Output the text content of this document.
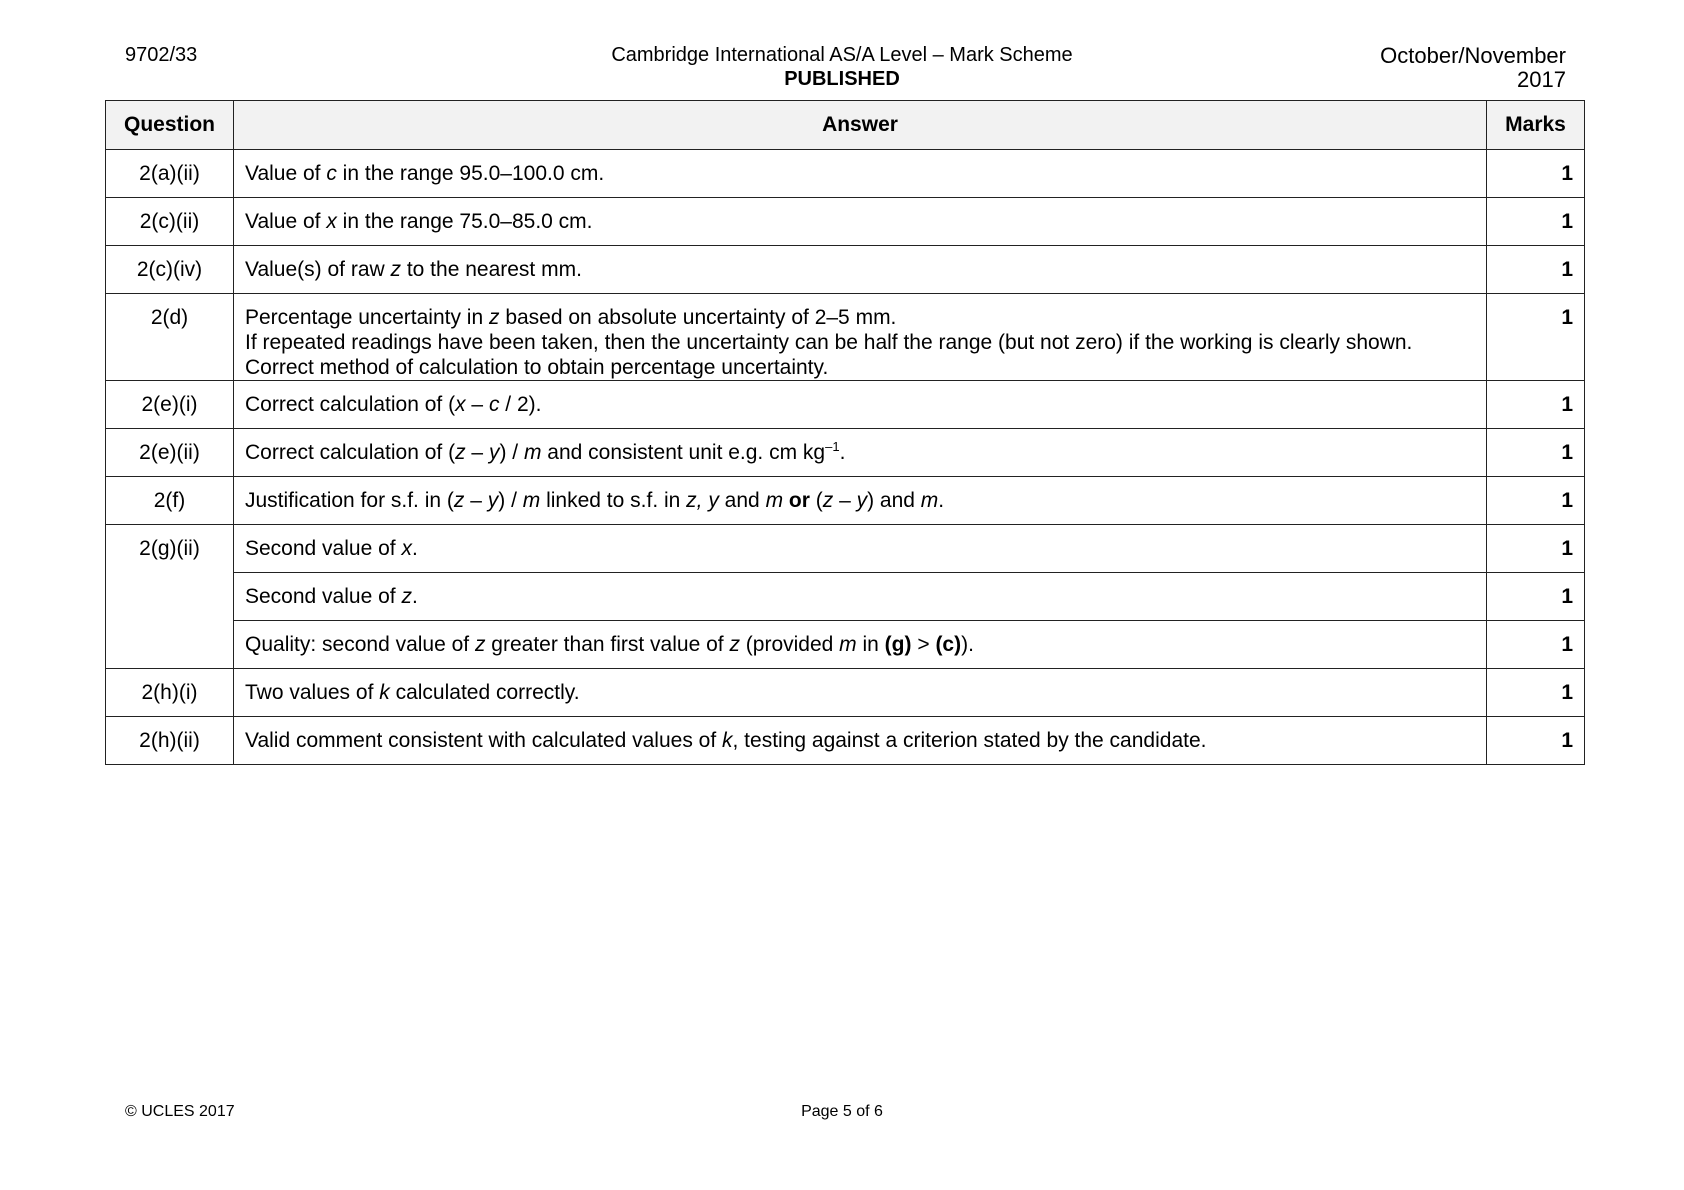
9702/33	Cambridge International AS/A Level – Mark Scheme
PUBLISHED
October/November
2017
Question	Answer	Marks
2(a)(ii)	Value of c in the range 95.0–100.0 cm.	1
2(c)(ii)	Value of x in the range 75.0–85.0 cm.	1
2(c)(iv)	Value(s) of raw z to the nearest mm.	1
2(d)	Percentage uncertainty in z based on absolute uncertainty of 2–5 mm.
If repeated readings have been taken, then the uncertainty can be half the range (but not zero) if the working is clearly shown.
Correct method of calculation to obtain percentage uncertainty.	1
2(e)(i)	Correct calculation of (x – c / 2).	1
2(e)(ii)	Correct calculation of (z – y) / m and consistent unit e.g. cm $kg^{-1}$.	1
2(f)	Justification for s.f. in (z – y) / m linked to s.f. in z, y and m or (z – y) and m.	1
2(g)(ii)	Second value of x.	1
	Second value of z.	1
	Quality: second value of z greater than first value of z (provided m in (g) > (c)).	1
2(h)(i)	Two values of k calculated correctly.	1
2(h)(ii)	Valid comment consistent with calculated values of k, testing against a criterion stated by the candidate.	1
© UCLES 2017	Page 5 of 6
